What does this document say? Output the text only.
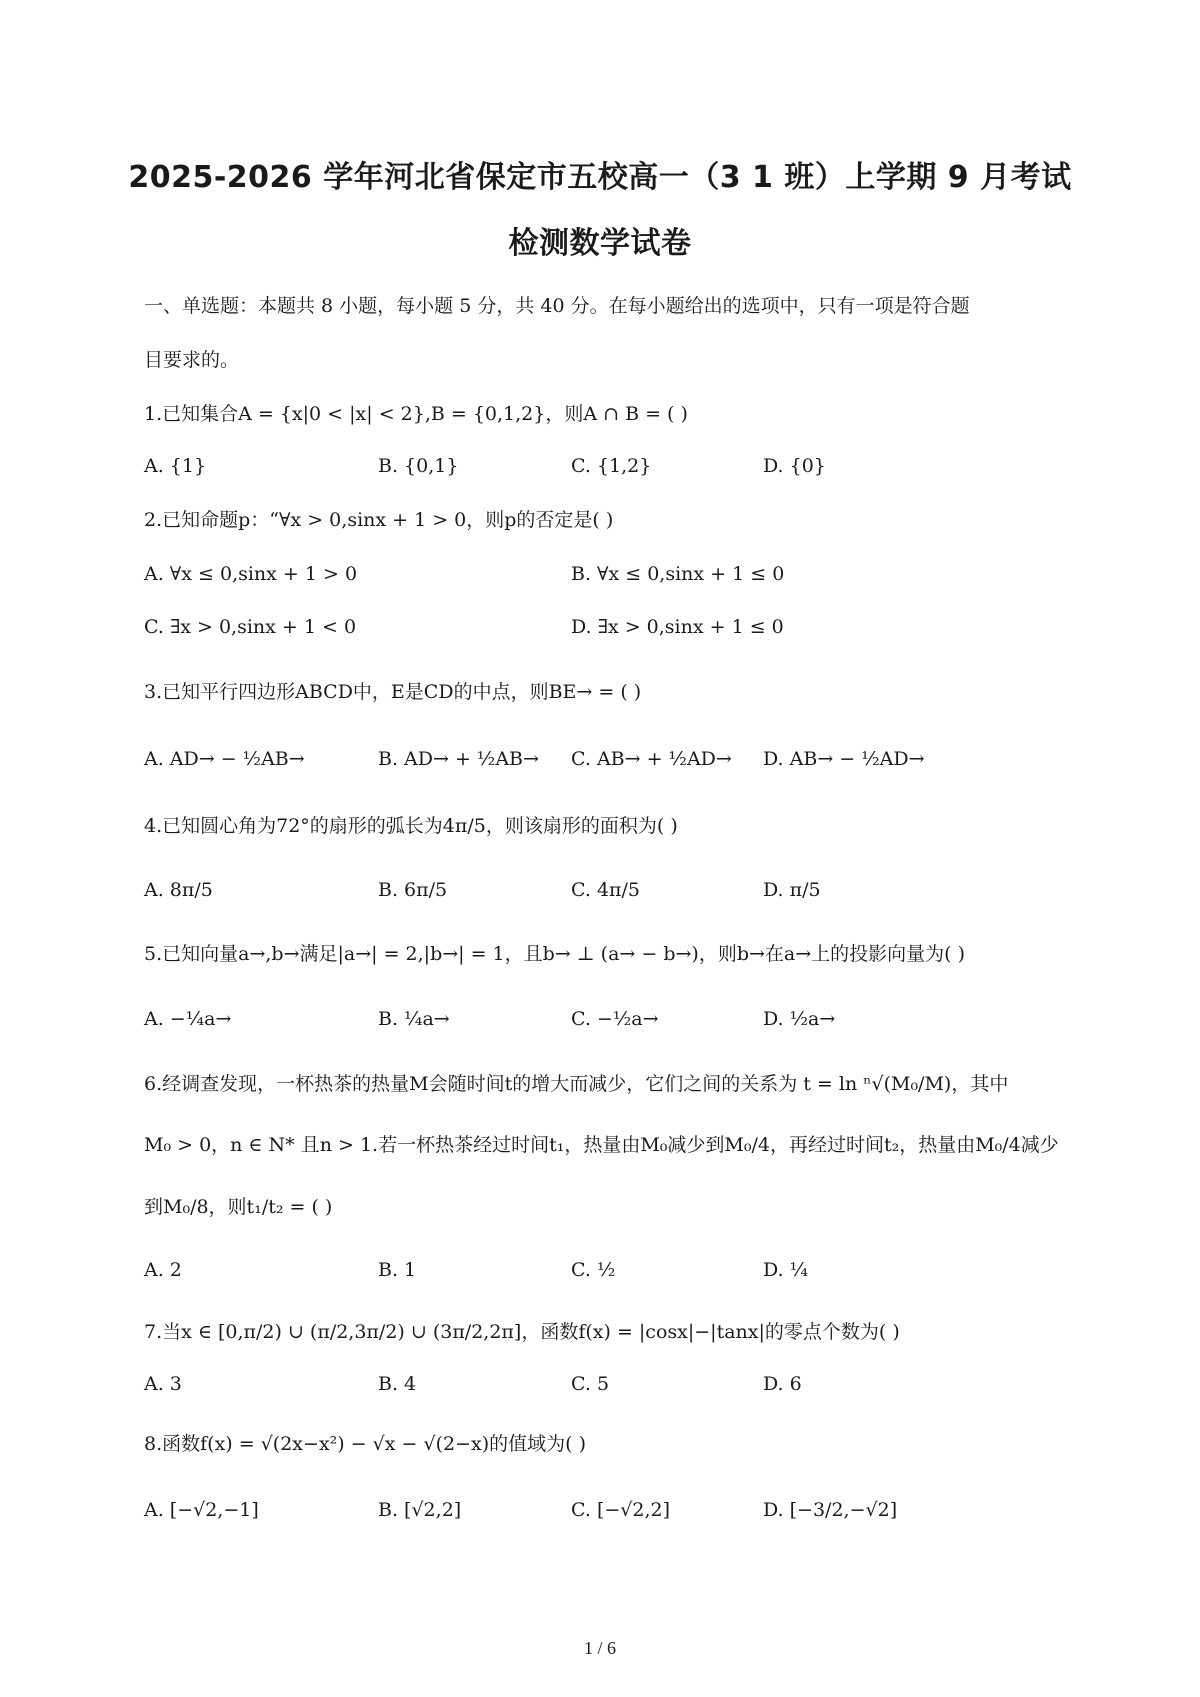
2025-2026 学年河北省保定市五校高一（3 1 班）上学期 9 月考试
检测数学试卷
一、单选题：本题共 8 小题，每小题 5 分，共 40 分。在每小题给出的选项中，只有一项是符合题
目要求的。
1.已知集合A = {x|0 < |x| < 2},B = {0,1,2}，则A ∩ B = ( )
A. {1}	B. {0,1}	C. {1,2}	D. {0}
2.已知命题p：“∀x > 0,sinx + 1 > 0，则p的否定是( )
A. ∀x ≤ 0,sinx + 1 > 0	B. ∀x ≤ 0,sinx + 1 ≤ 0
C. ∃x > 0,sinx + 1 < 0	D. ∃x > 0,sinx + 1 ≤ 0
3.已知平行四边形ABCD中，E是CD的中点，则BE→ = ( )
A. AD→ − ½AB→	B. AD→ + ½AB→ C. AB→ + ½AD→ D. AB→ − ½AD→
4.已知圆心角为72°的扇形的弧长为4π/5，则该扇形的面积为( )
A. 8π/5	B. 6π/5	C. 4π/5	D. π/5
5.已知向量a→,b→满足|a→| = 2,|b→| = 1，且b→ ⊥ (a→ − b→)，则b→在a→上的投影向量为( )
A. −¼a→	B. ¼a→	C. −½a→	D. ½a→
6.经调查发现，一杯热茶的热量M会随时间t的增大而减少，它们之间的关系为 t = ln ⁿ√(M₀/M)，其中
M₀ > 0，n ∈ N* 且n > 1.若一杯热茶经过时间t₁，热量由M₀减少到M₀/4，再经过时间t₂，热量由M₀/4减少
到M₀/8，则t₁/t₂ = ( )
A. 2	B. 1	C. ½	D. ¼
7.当x ∈ [0,π/2) ∪ (π/2,3π/2) ∪ (3π/2,2π]，函数f(x) = |cosx|−|tanx|的零点个数为( )
A. 3	B. 4	C. 5	D. 6
8.函数f(x) = √(2x−x²) − √x − √(2−x)的值域为( )
A. [−√2,−1]	B. [√2,2]	C. [−√2,2]	D. [−3/2,−√2]
1 / 6
